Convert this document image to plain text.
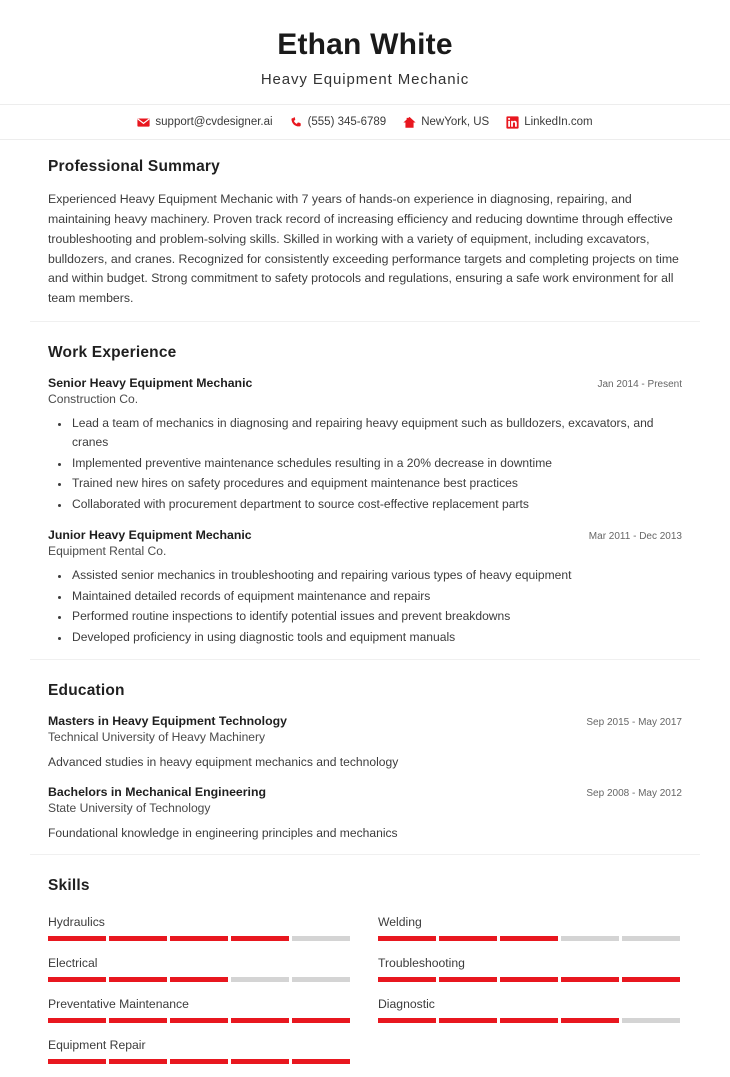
Ethan White
Heavy Equipment Mechanic
support@cvdesigner.ai	(555) 345-6789	NewYork, US	LinkedIn.com
Professional Summary
Experienced Heavy Equipment Mechanic with 7 years of hands-on experience in diagnosing, repairing, and maintaining heavy machinery. Proven track record of increasing efficiency and reducing downtime through effective troubleshooting and problem-solving skills. Skilled in working with a variety of equipment, including excavators, bulldozers, and cranes. Recognized for consistently exceeding performance targets and completing projects on time and within budget. Strong commitment to safety protocols and regulations, ensuring a safe work environment for all team members.
Work Experience
Senior Heavy Equipment Mechanic	Jan 2014 - Present
Construction Co.
• Lead a team of mechanics in diagnosing and repairing heavy equipment such as bulldozers, excavators, and cranes
• Implemented preventive maintenance schedules resulting in a 20% decrease in downtime
• Trained new hires on safety procedures and equipment maintenance best practices
• Collaborated with procurement department to source cost-effective replacement parts
Junior Heavy Equipment Mechanic	Mar 2011 - Dec 2013
Equipment Rental Co.
• Assisted senior mechanics in troubleshooting and repairing various types of heavy equipment
• Maintained detailed records of equipment maintenance and repairs
• Performed routine inspections to identify potential issues and prevent breakdowns
• Developed proficiency in using diagnostic tools and equipment manuals
Education
Masters in Heavy Equipment Technology	Sep 2015 - May 2017
Technical University of Heavy Machinery
Advanced studies in heavy equipment mechanics and technology
Bachelors in Mechanical Engineering	Sep 2008 - May 2012
State University of Technology
Foundational knowledge in engineering principles and mechanics
Skills
Hydraulics	Welding
Electrical	Troubleshooting
Preventative Maintenance	Diagnostic
Equipment Repair
